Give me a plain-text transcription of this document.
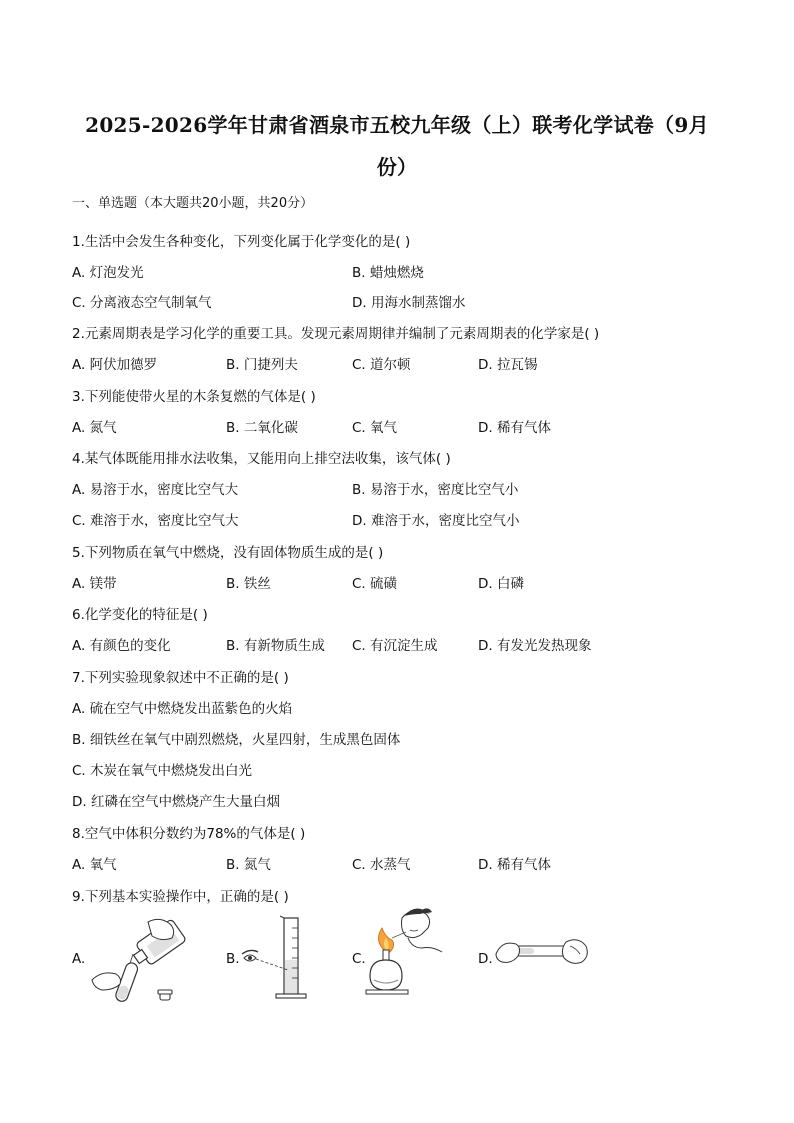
2025-2026学年甘肃省酒泉市五校九年级（上）联考化学试卷（9月份）
一、单选题（本大题共20小题，共20分）
1.生活中会发生各种变化，下列变化属于化学变化的是( )
A. 灯泡发光	B. 蜡烛燃烧
C. 分离液态空气制氧气	D. 用海水制蒸馏水
2.元素周期表是学习化学的重要工具。发现元素周期律并编制了元素周期表的化学家是( )
A. 阿伏加德罗	B. 门捷列夫	C. 道尔顿	D. 拉瓦锡
3.下列能使带火星的木条复燃的气体是( )
A. 氮气	B. 二氧化碳	C. 氧气	D. 稀有气体
4.某气体既能用排水法收集，又能用向上排空法收集，该气体( )
A. 易溶于水，密度比空气大	B. 易溶于水，密度比空气小
C. 难溶于水，密度比空气大	D. 难溶于水，密度比空气小
5.下列物质在氧气中燃烧，没有固体物质生成的是( )
A. 镁带	B. 铁丝	C. 硫磺	D. 白磷
6.化学变化的特征是( )
A. 有颜色的变化	B. 有新物质生成 C. 有沉淀生成	D. 有发光发热现象
7.下列实验现象叙述中不正确的是( )
A. 硫在空气中燃烧发出蓝紫色的火焰
B. 细铁丝在氧气中剧烈燃烧，火星四射，生成黑色固体
C. 木炭在氧气中燃烧发出白光
D. 红磷在空气中燃烧产生大量白烟
8.空气中体积分数约为78%的气体是( )
A. 氧气	B. 氮气	C. 水蒸气	D. 稀有气体
9.下列基本实验操作中，正确的是( )
A.	B.	C.	D.
